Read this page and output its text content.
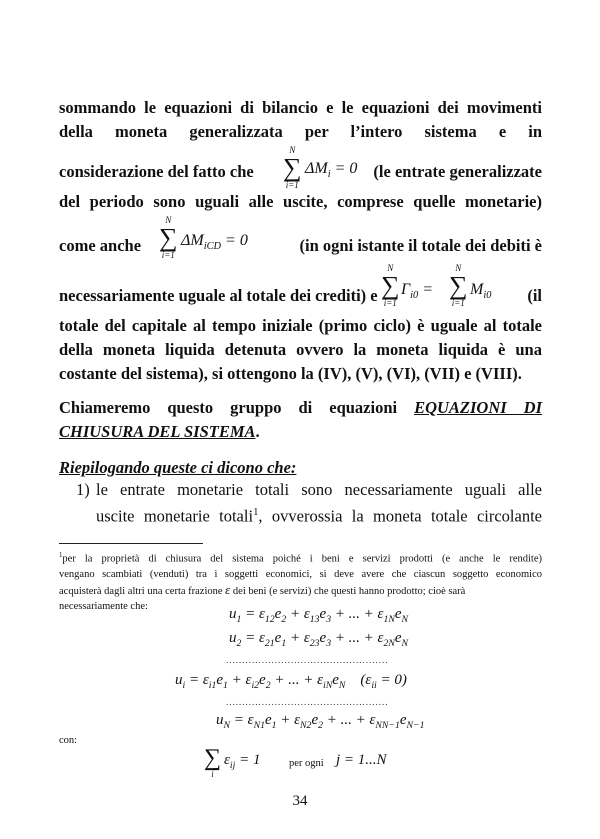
sommando le equazioni di bilancio e le equazioni dei movimenti
della moneta generalizzata per l’intero sistema e in
considerazione del fatto che
N
∑
i=1
$\Delta M_i = 0$ (le entrate generalizzate
del periodo sono uguali alle uscite, comprese quelle monetarie)
come anche
N
∑
i=1
$\Delta M_{iCD} = 0$	(in ogni istante il totale dei debiti è
necessariamente uguale al totale dei crediti) e
N
∑
i=1
$\Gamma_{i0}$ =
N
∑
i=1
$M_{i0}$ (il
totale del capitale al tempo iniziale (primo ciclo) è uguale al totale
della moneta liquida detenuta ovvero la moneta liquida è una
costante del sistema), si ottengono la (IV), (V), (VI), (VII) e (VIII).
Chiameremo questo gruppo di equazioni EQUAZIONI DI
CHIUSURA DEL SISTEMA.
Riepilogando queste ci dicono che:
1) le entrate monetarie totali sono necessariamente uguali alle
uscite monetarie totali$^1$, ovverossia la moneta totale circolante
$^1$per la proprietà di chiusura del sistema poiché i beni e servizi prodotti (e anche le rendite)
vengano scambiati (venduti) tra i soggetti economici, si deve avere che ciascun soggetto economico
acquisterà dagli altri una certa frazione ε dei beni (e servizi) che questi hanno prodotto; cioè sarà
necessariamente che:	$u_1 = \varepsilon_{12}e_2 + \varepsilon_{13}e_3$ + ... + $\varepsilon_{1N}e_N$
$u_2 = \varepsilon_{21}e_1 + \varepsilon_{23}e_3$ + ... + $\varepsilon_{2N}e_N$
..................................................
$u_i = \varepsilon_{i1}e_1 + \varepsilon_{i2}e_2$ + ... + $\varepsilon_{iN}e_N$    $(\varepsilon_{ii} = 0)$
..................................................
$u_N = \varepsilon_{N1}e_1 + \varepsilon_{N2}e_2$ + ... + $\varepsilon_{NN-1}e_{N-1}$
con:
∑
i
$\varepsilon_{ij} = 1$	per ogni j = 1...N
34
